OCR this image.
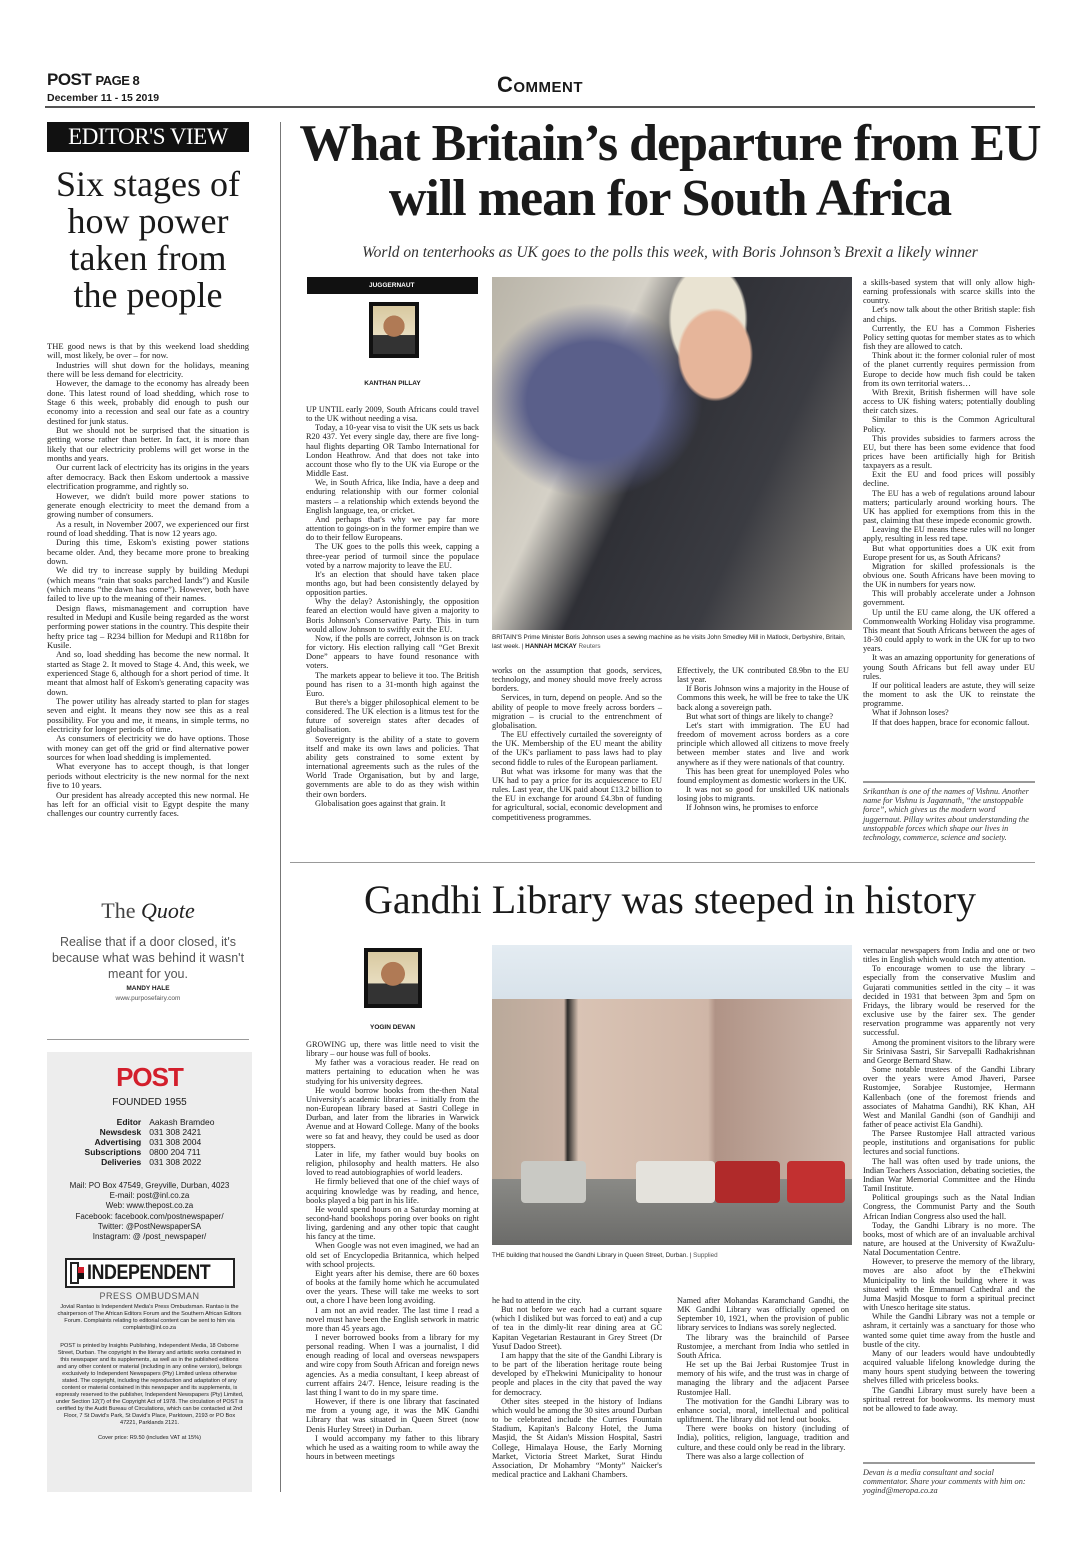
POST PAGE 8
December 11 - 15 2019
Comment
EDITOR'S VIEW
Six stages of how power taken from the people

THE good news is that by this weekend load shedding will, most likely, be over – for now.

Industries will shut down for the holidays, meaning there will be less demand for electricity.

However, the damage to the economy has already been done. This latest round of load shedding, which rose to Stage 6 this week, probably did enough to push our economy into a recession and seal our fate as a country destined for junk status.

But we should not be surprised that the situation is getting worse rather than better. In fact, it is more than likely that our electricity problems will get worse in the months and years.

Our current lack of electricity has its origins in the years after democracy. Back then Eskom undertook a massive electrification programme, and rightly so.

However, we didn't build more power stations to generate enough electricity to meet the demand from a growing number of consumers.

As a result, in November 2007, we experienced our first round of load shedding. That is now 12 years ago.

During this time, Eskom's existing power stations became older. And, they became more prone to breaking down.

We did try to increase supply by building Medupi (which means “rain that soaks parched lands”) and Kusile (which means “the dawn has come”). However, both have failed to live up to the meaning of their names.

Design flaws, mismanagement and corruption have resulted in Medupi and Kusile being regarded as the worst performing power stations in the country. This despite their hefty price tag – R234 billion for Medupi and R118bn for Kusile.

And so, load shedding has become the new normal. It started as Stage 2. It moved to Stage 4. And, this week, we experienced Stage 6, although for a short period of time. It meant that almost half of Eskom's generating capacity was down.

The power utility has already started to plan for stages seven and eight. It means they now see this as a real possibility. For you and me, it means, in simple terms, no electricity for longer periods of time.

As consumers of electricity we do have options. Those with money can get off the grid or find alternative power sources for when load shedding is implemented.

What everyone has to accept though, is that longer periods without electricity is the new normal for the next five to 10 years.

Our president has already accepted this new normal. He has left for an official visit to Egypt despite the many challenges our country currently faces.

The Quote
Realise that if a door closed, it's because what was behind it wasn't meant for you.
MANDY HALE
www.purposefairy.com
POST
FOUNDED 1955
Editor	Aakash Bramdeo
Newsdesk	031 308 2421
Advertising	031 308 2004
Subscriptions	0800 204 711
Deliveries	031 308 2022
Mail: PO Box 47549, Greyville, Durban, 4023
E-mail: post@inl.co.za
Web: www.thepost.co.za
Facebook: facebook.com/postnewspaper/
Twitter: @PostNewspaperSA
Instagram: @ /post_newspaper/
INDEPENDENT
PRESS OMBUDSMAN
Jovial Rantao is Independent Media's Press Ombudsman. Rantao is the chairperson of The African Editors Forum and the Southern African Editors Forum. Complaints relating to editorial content can be sent to him via complaints@inl.co.za
POST is printed by Insights Publishing, Independent Media, 18 Osborne Street, Durban. The copyright in the literary and artistic works contained in this newspaper and its supplements, as well as in the published editions and any other content or material (including in any online version), belongs exclusively to Independent Newspapers (Pty) Limited unless otherwise stated. The copyright, including the reproduction and adaptation of any content or material contained in this newspaper and its supplements, is expressly reserved to the publisher, Independent Newspapers (Pty) Limited, under Section 12(7) of the Copyright Act of 1978. The circulation of POST is certified by the Audit Bureau of Circulations, which can be contacted at 2nd Floor, 7 St David's Park, St David's Place, Parktown, 2193 or PO Box 47221, Parklands 2121.
Cover price: R9.50 (includes VAT at 15%)
What Britain’s departure from EU will mean for South Africa
World on tenterhooks as UK goes to the polls this week, with Boris Johnson’s Brexit a likely winner
JUGGERNAUT
KANTHAN PILLAY
BRITAIN'S Prime Minister Boris Johnson uses a sewing machine as he visits John Smedley Mill in Matlock, Derbyshire, Britain, last week. | HANNAH MCKAY Reuters

UP UNTIL early 2009, South Africans could travel to the UK without needing a visa.

Today, a 10-year visa to visit the UK sets us back R20 437. Yet every single day, there are five long-haul flights departing OR Tambo International for London Heathrow. And that does not take into account those who fly to the UK via Europe or the Middle East.

We, in South Africa, like India, have a deep and enduring relationship with our former colonial masters – a relationship which extends beyond the English language, tea, or cricket.

And perhaps that's why we pay far more attention to goings-on in the former empire than we do to their fellow Europeans.

The UK goes to the polls this week, capping a three-year period of turmoil since the populace voted by a narrow majority to leave the EU.

It's an election that should have taken place months ago, but had been consistently delayed by opposition parties.

Why the delay? Astonishingly, the opposition feared an election would have given a majority to Boris Johnson's Conservative Party. This in turn would allow Johnson to swiftly exit the EU.

Now, if the polls are correct, Johnson is on track for victory. His election rallying call “Get Brexit Done” appears to have found resonance with voters.

The markets appear to believe it too. The British pound has risen to a 31-month high against the Euro.

But there's a bigger philosophical element to be considered. The UK election is a litmus test for the future of sovereign states after decades of globalisation.

Sovereignty is the ability of a state to govern itself and make its own laws and policies. That ability gets constrained to some extent by international agreements such as the rules of the World Trade Organisation, but by and large, governments are able to do as they wish within their own borders.

Globalisation goes against that grain. It

works on the assumption that goods, services, technology, and money should move freely across borders.

Services, in turn, depend on people. And so the ability of people to move freely across borders – migration – is crucial to the entrenchment of globalisation.

The EU effectively curtailed the sovereignty of the UK. Membership of the EU meant the ability of the UK's parliament to pass laws had to play second fiddle to rules of the European parliament.

But what was irksome for many was that the UK had to pay a price for its acquiescence to EU rules. Last year, the UK paid about £13.2 billion to the EU in exchange for around £4.3bn of funding for agricultural, social, economic development and competitiveness programmes.

Effectively, the UK contributed £8.9bn to the EU last year.

If Boris Johnson wins a majority in the House of Commons this week, he will be free to take the UK back along a sovereign path.

But what sort of things are likely to change?

Let's start with immigration. The EU had freedom of movement across borders as a core principle which allowed all citizens to move freely between member states and live and work anywhere as if they were nationals of that country.

This has been great for unemployed Poles who found employment as domestic workers in the UK.

It was not so good for unskilled UK nationals losing jobs to migrants.

If Johnson wins, he promises to enforce

a skills-based system that will only allow high-earning professionals with scarce skills into the country.

Let's now talk about the other British staple: fish and chips.

Currently, the EU has a Common Fisheries Policy setting quotas for member states as to which fish they are allowed to catch.

Think about it: the former colonial ruler of most of the planet currently requires permission from Europe to decide how much fish could be taken from its own territorial waters…

With Brexit, British fishermen will have sole access to UK fishing waters; potentially doubling their catch sizes.

Similar to this is the Common Agricultural Policy.

This provides subsidies to farmers across the EU, but there has been some evidence that food prices have been artificially high for British taxpayers as a result.

Exit the EU and food prices will possibly decline.

The EU has a web of regulations around labour matters; particularly around working hours. The UK has applied for exemptions from this in the past, claiming that these impede economic growth.

Leaving the EU means these rules will no longer apply, resulting in less red tape.

But what opportunities does a UK exit from Europe present for us, as South Africans?

Migration for skilled professionals is the obvious one. South Africans have been moving to the UK in numbers for years now.

This will probably accelerate under a Johnson government.

Up until the EU came along, the UK offered a Commonwealth Working Holiday visa programme. This meant that South Africans between the ages of 18-30 could apply to work in the UK for up to two years.

It was an amazing opportunity for generations of young South Africans but fell away under EU rules.

If our political leaders are astute, they will seize the moment to ask the UK to reinstate the programme.

What if Johnson loses?

If that does happen, brace for economic fallout.

Srikanthan is one of the names of Vishnu. Another name for Vishnu is Jagannath, “the unstoppable force”, which gives us the modern word juggernaut. Pillay writes about understanding the unstoppable forces which shape our lives in technology, commerce, science and society.
Gandhi Library was steeped in history
YOGIN DEVAN
THE building that housed the Gandhi Library in Queen Street, Durban. | Supplied

GROWING up, there was little need to visit the library – our house was full of books.

My father was a voracious reader. He read on matters pertaining to education when he was studying for his university degrees.

He would borrow books from the-then Natal University's academic libraries – initially from the non-European library based at Sastri College in Durban, and later from the libraries in Warwick Avenue and at Howard College. Many of the books were so fat and heavy, they could be used as door stoppers.

Later in life, my father would buy books on religion, philosophy and health matters. He also loved to read autobiographies of world leaders.

He firmly believed that one of the chief ways of acquiring knowledge was by reading, and hence, books played a big part in his life.

He would spend hours on a Saturday morning at second-hand bookshops poring over books on right living, gardening and any other topic that caught his fancy at the time.

When Google was not even imagined, we had an old set of Encyclopedia Britannica, which helped with school projects.

Eight years after his demise, there are 60 boxes of books at the family home which he accumulated over the years. These will take me weeks to sort out, a chore I have been long avoiding.

I am not an avid reader. The last time I read a novel must have been the English setwork in matric more than 45 years ago.

I never borrowed books from a library for my personal reading. When I was a journalist, I did enough reading of local and overseas newspapers and wire copy from South African and foreign news agencies. As a media consultant, I keep abreast of current affairs 24/7. Hence, leisure reading is the last thing I want to do in my spare time.

However, if there is one library that fascinated me from a young age, it was the MK Gandhi Library that was situated in Queen Street (now Denis Hurley Street) in Durban.

I would accompany my father to this library which he used as a waiting room to while away the hours in between meetings

he had to attend in the city.

But not before we each had a currant square (which I disliked but was forced to eat) and a cup of tea in the dimly-lit rear dining area at GC Kapitan Vegetarian Restaurant in Grey Street (Dr Yusuf Dadoo Street).

I am happy that the site of the Gandhi Library is to be part of the liberation heritage route being developed by eThekwini Municipality to honour people and places in the city that paved the way for democracy.

Other sites steeped in the history of Indians which would be among the 30 sites around Durban to be celebrated include the Curries Fountain Stadium, Kapitan's Balcony Hotel, the Juma Masjid, the St Aidan's Mission Hospital, Sastri College, Himalaya House, the Early Morning Market, Victoria Street Market, Surat Hindu Association, Dr Mohambry “Monty” Naicker's medical practice and Lakhani Chambers.

Named after Mohandas Karamchand Gandhi, the MK Gandhi Library was officially opened on September 10, 1921, when the provision of public library services to Indians was sorely neglected.

The library was the brainchild of Parsee Rustomjee, a merchant from India who settled in South Africa.

He set up the Bai Jerbai Rustomjee Trust in memory of his wife, and the trust was in charge of managing the library and the adjacent Parsee Rustomjee Hall.

The motivation for the Gandhi Library was to enhance social, moral, intellectual and political upliftment. The library did not lend out books.

There were books on history (including of India), politics, religion, language, tradition and culture, and these could only be read in the library.

There was also a large collection of

vernacular newspapers from India and one or two titles in English which would catch my attention.

To encourage women to use the library – especially from the conservative Muslim and Gujarati communities settled in the city – it was decided in 1931 that between 3pm and 5pm on Fridays, the library would be reserved for the exclusive use by the fairer sex. The gender reservation programme was apparently not very successful.

Among the prominent visitors to the library were Sir Srinivasa Sastri, Sir Sarvepalli Radhakrishnan and George Bernard Shaw.

Some notable trustees of the Gandhi Library over the years were Amod Jhaveri, Parsee Rustomjee, Sorabjee Rustomjee, Hermann Kallenbach (one of the foremost friends and associates of Mahatma Gandhi), RK Khan, AH West and Manilal Gandhi (son of Gandhiji and father of peace activist Ela Gandhi).

The Parsee Rustomjee Hall attracted various people, institutions and organisations for public lectures and social functions.

The hall was often used by trade unions, the Indian Teachers Association, debating societies, the Indian War Memorial Committee and the Hindu Tamil Institute.

Political groupings such as the Natal Indian Congress, the Communist Party and the South African Indian Congress also used the hall.

Today, the Gandhi Library is no more. The books, most of which are of an invaluable archival nature, are housed at the University of KwaZulu-Natal Documentation Centre.

However, to preserve the memory of the library, moves are also afoot by the eThekwini Municipality to link the building where it was situated with the Emmanuel Cathedral and the Juma Masjid Mosque to form a spiritual precinct with Unesco heritage site status.

While the Gandhi Library was not a temple or ashram, it certainly was a sanctuary for those who wanted some quiet time away from the hustle and bustle of the city.

Many of our leaders would have undoubtedly acquired valuable lifelong knowledge during the many hours spent studying between the towering shelves filled with priceless books.

The Gandhi Library must surely have been a spiritual retreat for bookworms. Its memory must not be allowed to fade away.

Devan is a media consultant and social commentator. Share your comments with him on: yogind@meropa.co.za
